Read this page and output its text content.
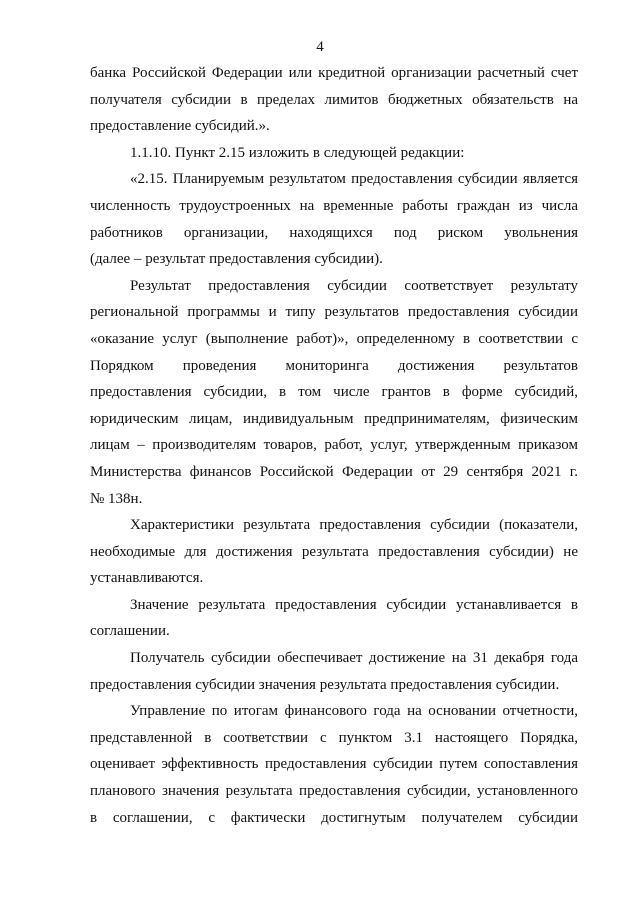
4

банка Российской Федерации или кредитной организации расчетный счет

получателя субсидии в пределах лимитов бюджетных обязательств на

предоставление субсидий.».

1.1.10. Пункт 2.15 изложить в следующей редакции:

«2.15. Планируемым результатом предоставления субсидии является

численность трудоустроенных на временные работы граждан из числа

работников организации, находящихся под риском увольнения

(далее – результат предоставления субсидии).

Результат предоставления субсидии соответствует результату

региональной программы и типу результатов предоставления субсидии

«оказание услуг (выполнение работ)», определенному в соответствии с

Порядком проведения мониторинга достижения результатов

предоставления субсидии, в том числе грантов в форме субсидий,

юридическим лицам, индивидуальным предпринимателям, физическим

лицам – производителям товаров, работ, услуг, утвержденным приказом

Министерства финансов Российской Федерации от 29 сентября 2021 г.

№ 138н.

Характеристики результата предоставления субсидии (показатели,

необходимые для достижения результата предоставления субсидии) не

устанавливаются.

Значение результата предоставления субсидии устанавливается в

соглашении.

Получатель субсидии обеспечивает достижение на 31 декабря года

предоставления субсидии значения результата предоставления субсидии.

Управление по итогам финансового года на основании отчетности,

представленной в соответствии с пунктом 3.1 настоящего Порядка,

оценивает эффективность предоставления субсидии путем сопоставления

планового значения результата предоставления субсидии, установленного

в соглашении, с фактически достигнутым получателем субсидии
